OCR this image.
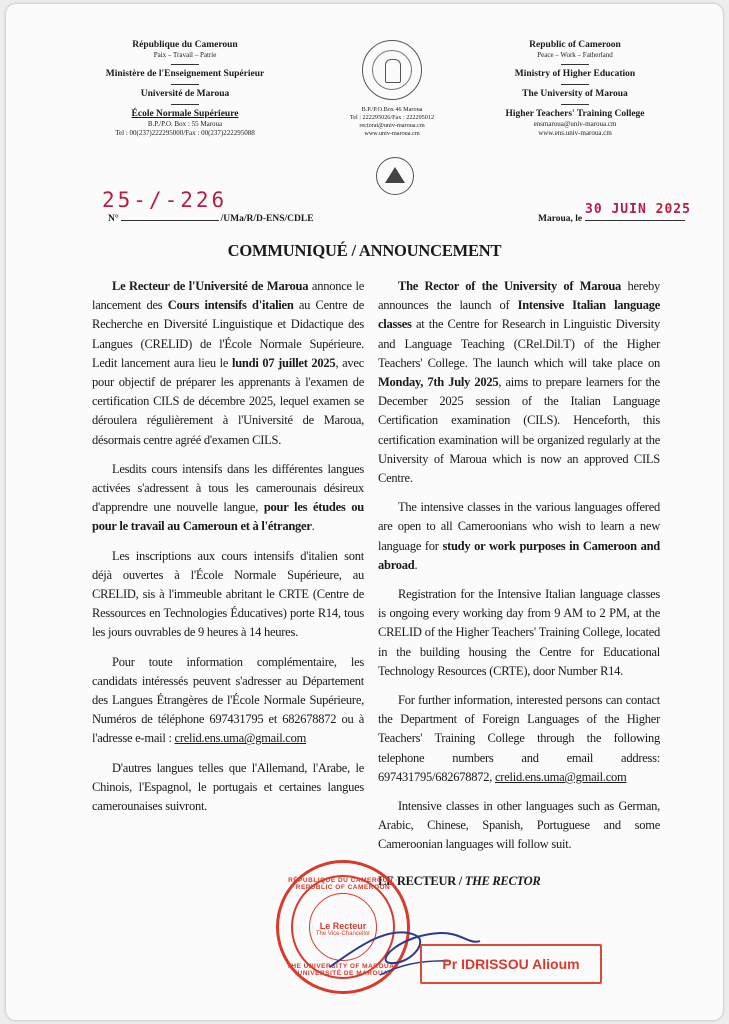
République du Cameroun
Paix – Travail – Patrie
Ministère de l'Enseignement Supérieur
Université de Maroua
École Normale Supérieure
B.P./P.O. Box : 55 Maroua
Tel : 00(237)222295000/Fax : 00(237)222295088
B.P./P.O.Box 46 Maroua
Tel : 222295026/Fax : 222295012
rectorat@univ-maroua.cm
www.univ-maroua.cm
Republic of Cameroon
Peace – Work – Fatherland
Ministry of Higher Education
The University of Maroua
Higher Teachers' Training College
ensmaroua@univ-maroua.cm
www.ens.univ-maroua.cm
25-/-226
N°	/UMa/R/D-ENS/CDLE
30 JUIN 2025
Maroua, le
COMMUNIQUÉ / ANNOUNCEMENT

Le Recteur de l'Université de Maroua annonce le lancement des Cours intensifs d'italien au Centre de Recherche en Diversité Linguistique et Didactique des Langues (CRELID) de l'École Normale Supérieure. Ledit lancement aura lieu le lundi 07 juillet 2025, avec pour objectif de préparer les apprenants à l'examen de certification CILS de décembre 2025, lequel examen se déroulera régulièrement à l'Université de Maroua, désormais centre agréé d'examen CILS.

Lesdits cours intensifs dans les différentes langues activées s'adressent à tous les camerounais désireux d'apprendre une nouvelle langue, pour les études ou pour le travail au Cameroun et à l'étranger.

Les inscriptions aux cours intensifs d'italien sont déjà ouvertes à l'École Normale Supérieure, au CRELID, sis à l'immeuble abritant le CRTE (Centre de Ressources en Technologies Éducatives) porte R14, tous les jours ouvrables de 9 heures à 14 heures.

Pour toute information complémentaire, les candidats intéressés peuvent s'adresser au Département des Langues Étrangères de l'École Normale Supérieure, Numéros de téléphone 697431795 et 682678872 ou à l'adresse e-mail : crelid.ens.uma@gmail.com

D'autres langues telles que l'Allemand, l'Arabe, le Chinois, l'Espagnol, le portugais et certaines langues camerounaises suivront.

The Rector of the University of Maroua hereby announces the launch of Intensive Italian language classes at the Centre for Research in Linguistic Diversity and Language Teaching (CRel.Dil.T) of the Higher Teachers' College. The launch which will take place on Monday, 7th July 2025, aims to prepare learners for the December 2025 session of the Italian Language Certification examination (CILS). Henceforth, this certification examination will be organized regularly at the University of Maroua which is now an approved CILS Centre.

The intensive classes in the various languages offered are open to all Cameroonians who wish to learn a new language for study or work purposes in Cameroon and abroad.

Registration for the Intensive Italian language classes is ongoing every working day from 9 AM to 2 PM, at the CRELID of the Higher Teachers' Training College, located in the building housing the Centre for Educational Technology Resources (CRTE), door Number R14.

For further information, interested persons can contact the Department of Foreign Languages of the Higher Teachers' Training College through the following telephone numbers and email address: 697431795/682678872, crelid.ens.uma@gmail.com

Intensive classes in other languages such as German, Arabic, Chinese, Spanish, Portuguese and some Cameroonian languages will follow suit.

LE RECTEUR / THE RECTOR
RÉPUBLIQUE DU CAMEROUN · REPUBLIC OF CAMEROON
Le Recteur
The Vice-Chancellor
THE UNIVERSITY OF MAROUA · UNIVERSITÉ DE MAROUA
Pr IDRISSOU Alioum
